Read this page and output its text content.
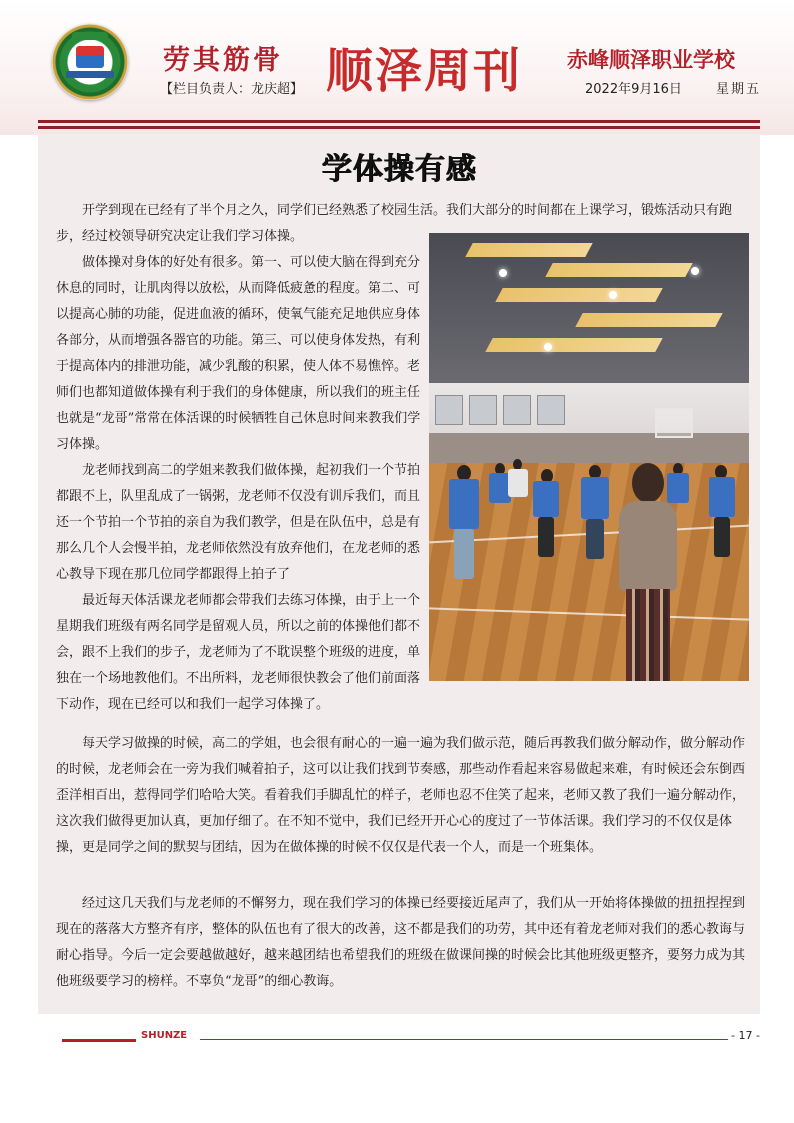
劳其筋骨
【栏目负责人：龙庆超】 顺泽周刊 赤峰顺泽职业学校
2022年9月16日	星期五
学体操有感

开学到现在已经有了半个月之久，同学们已经熟悉了校园生活。我们大部分的时间都在上课学习，锻炼活动只有跑步，经过校领导研究决定让我们学习体操。

做体操对身体的好处有很多。第一、可以使大脑在得到充分休息的同时，让肌肉得以放松，从而降低疲惫的程度。第二、可以提高心肺的功能，促进血液的循环，使氧气能充足地供应身体各部分，从而增强各器官的功能。第三、可以使身体发热，有利于提高体内的排泄功能，减少乳酸的积累，使人体不易憔悴。老师们也都知道做体操有利于我们的身体健康，所以我们的班主任也就是“龙哥”常常在体活课的时候牺牲自己休息时间来教我们学习体操。

龙老师找到高二的学姐来教我们做体操，起初我们一个节拍都跟不上，队里乱成了一锅粥，龙老师不仅没有训斥我们，而且还一个节拍一个节拍的亲自为我们教学，但是在队伍中，总是有那么几个人会慢半拍，龙老师依然没有放弃他们，在龙老师的悉心教导下现在那几位同学都跟得上拍子了

最近每天体活课龙老师都会带我们去练习体操，由于上一个星期我们班级有两名同学是留观人员，所以之前的体操他们都不会，跟不上我们的步子，龙老师为了不耽误整个班级的进度，单独在一个场地教他们。不出所料，龙老师很快教会了他们前面落下动作，现在已经可以和我们一起学习体操了。

每天学习做操的时候，高二的学姐，也会很有耐心的一遍一遍为我们做示范，随后再教我们做分解动作，做分解动作的时候，龙老师会在一旁为我们喊着拍子，这可以让我们找到节奏感，那些动作看起来容易做起来难，有时候还会东倒西歪洋相百出，惹得同学们哈哈大笑。看着我们手脚乱忙的样子，老师也忍不住笑了起来，老师又教了我们一遍分解动作，这次我们做得更加认真，更加仔细了。在不知不觉中，我们已经开开心心的度过了一节体活课。我们学习的不仅仅是体操，更是同学之间的默契与团结，因为在做体操的时候不仅仅是代表一个人，而是一个班集体。

经过这几天我们与龙老师的不懈努力，现在我们学习的体操已经要接近尾声了，我们从一开始将体操做的扭扭捏捏到现在的落落大方整齐有序，整体的队伍也有了很大的改善，这不都是我们的功劳，其中还有着龙老师对我们的悉心教诲与耐心指导。今后一定会要越做越好，越来越团结也希望我们的班级在做课间操的时候会比其他班级更整齐，要努力成为其他班级要学习的榜样。不辜负“龙哥”的细心教诲。

SHUNZE	- 17 -
